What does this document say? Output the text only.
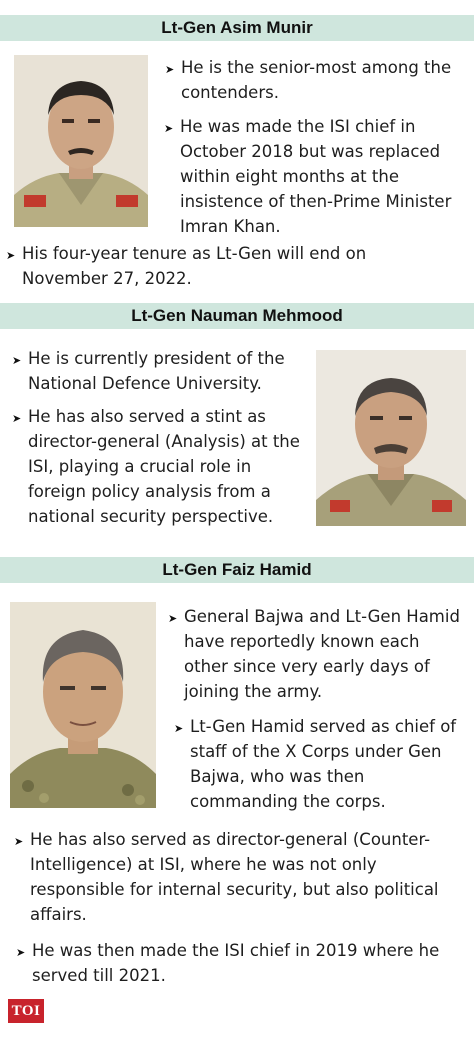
Lt-Gen Asim Munir
➤ He is the senior-most among the contenders.
➤ He was made the ISI chief in October 2018 but was replaced within eight months at the insistence of then-Prime Minister Imran Khan.
➤ His four-year tenure as Lt-Gen will end on November 27, 2022.
Lt-Gen Nauman Mehmood
➤ He is currently president of the National Defence University.
➤ He has also served a stint as director-general (Analysis) at the ISI, playing a crucial role in foreign policy analysis from a national security perspective.
Lt-Gen Faiz Hamid
➤ General Bajwa and Lt-Gen Hamid have reportedly known each other since very early days of joining the army.
➤ Lt-Gen Hamid served as chief of staff of the X Corps under Gen Bajwa, who was then commanding the corps.
➤ He has also served as director-general (Counter-Intelligence) at ISI, where he was not only responsible for internal security, but also political affairs.
➤ He was then made the ISI chief in 2019 where he served till 2021.
TOI
